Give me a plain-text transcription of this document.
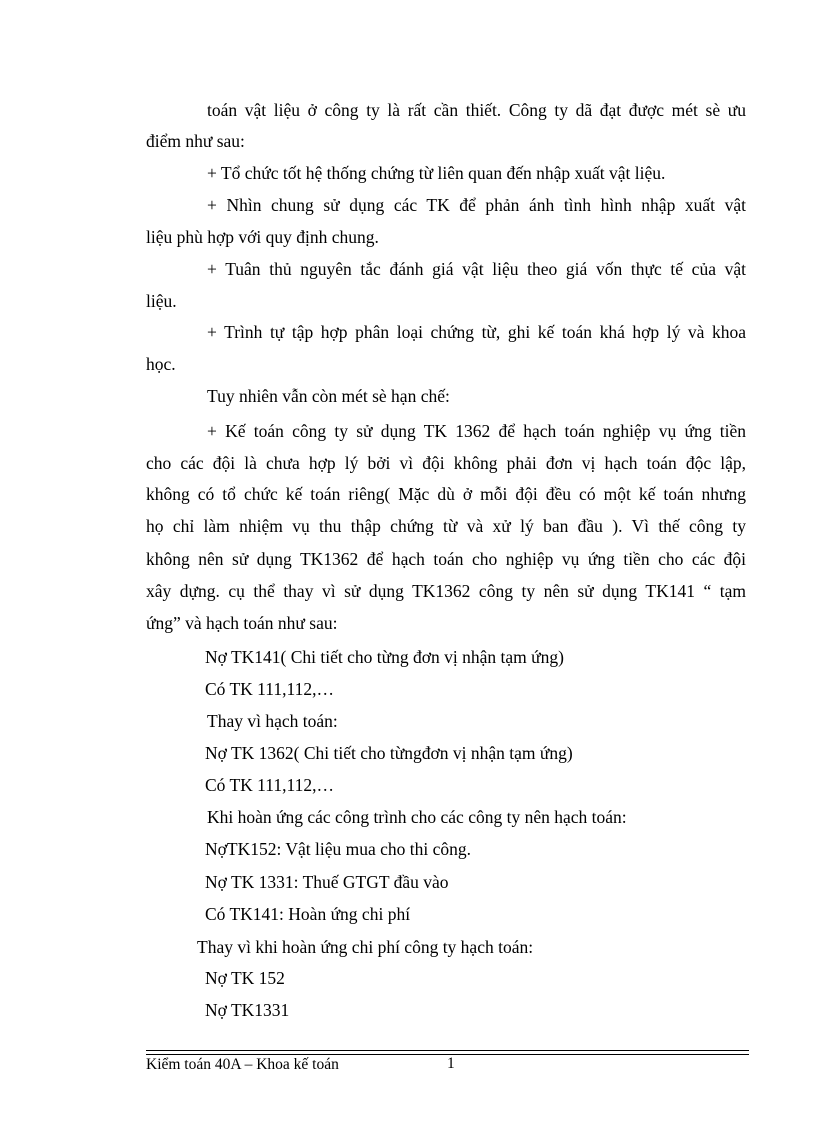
toán vật liệu ở công ty là rất cần thiết. Công ty dã đạt được mét sè ưu
điểm như sau:
+ Tổ chức tốt hệ thống chứng từ liên quan đến nhập xuất vật liệu.
+ Nhìn chung sử dụng các TK để phản ánh tình hình nhập xuất vật
liệu phù hợp với quy định chung.
+ Tuân thủ nguyên tắc đánh giá vật liệu theo giá vốn thực tế của vật
liệu.
+ Trình tự tập hợp phân loại chứng từ, ghi kế toán khá hợp lý và khoa
học.
Tuy nhiên vẫn còn mét sè hạn chế:
+ Kế toán công ty sử dụng TK 1362 để hạch toán nghiệp vụ ứng tiền
cho các đội là chưa hợp lý bởi vì đội không phải đơn vị hạch toán độc lập,
không có tổ chức kế toán riêng( Mặc dù ở mỗi đội đều có một kế toán nhưng
họ chỉ làm nhiệm vụ thu thập chứng từ và xử lý ban đầu ). Vì thế công ty
không nên sử dụng TK1362 để hạch toán cho nghiệp vụ ứng tiền cho các đội
xây dựng. cụ thể thay vì sử dụng TK1362 công ty nên sử dụng TK141 “ tạm
ứng” và hạch toán như sau:
Nợ TK141( Chi tiết cho từng đơn vị nhận tạm ứng)
Có TK 111,112,…
Thay vì hạch toán:
Nợ TK 1362( Chi tiết cho từngđơn vị nhận tạm ứng)
Có TK 111,112,…
Khi hoàn ứng các công trình cho các công ty nên hạch toán:
NợTK152: Vật liệu mua cho thi công.
Nợ TK 1331: Thuế GTGT đầu vào
Có TK141: Hoàn ứng chi phí
Thay vì khi hoàn ứng chi phí công ty hạch toán:
Nợ TK 152
Nợ TK1331
Kiểm toán 40A – Khoa kế toán	1
